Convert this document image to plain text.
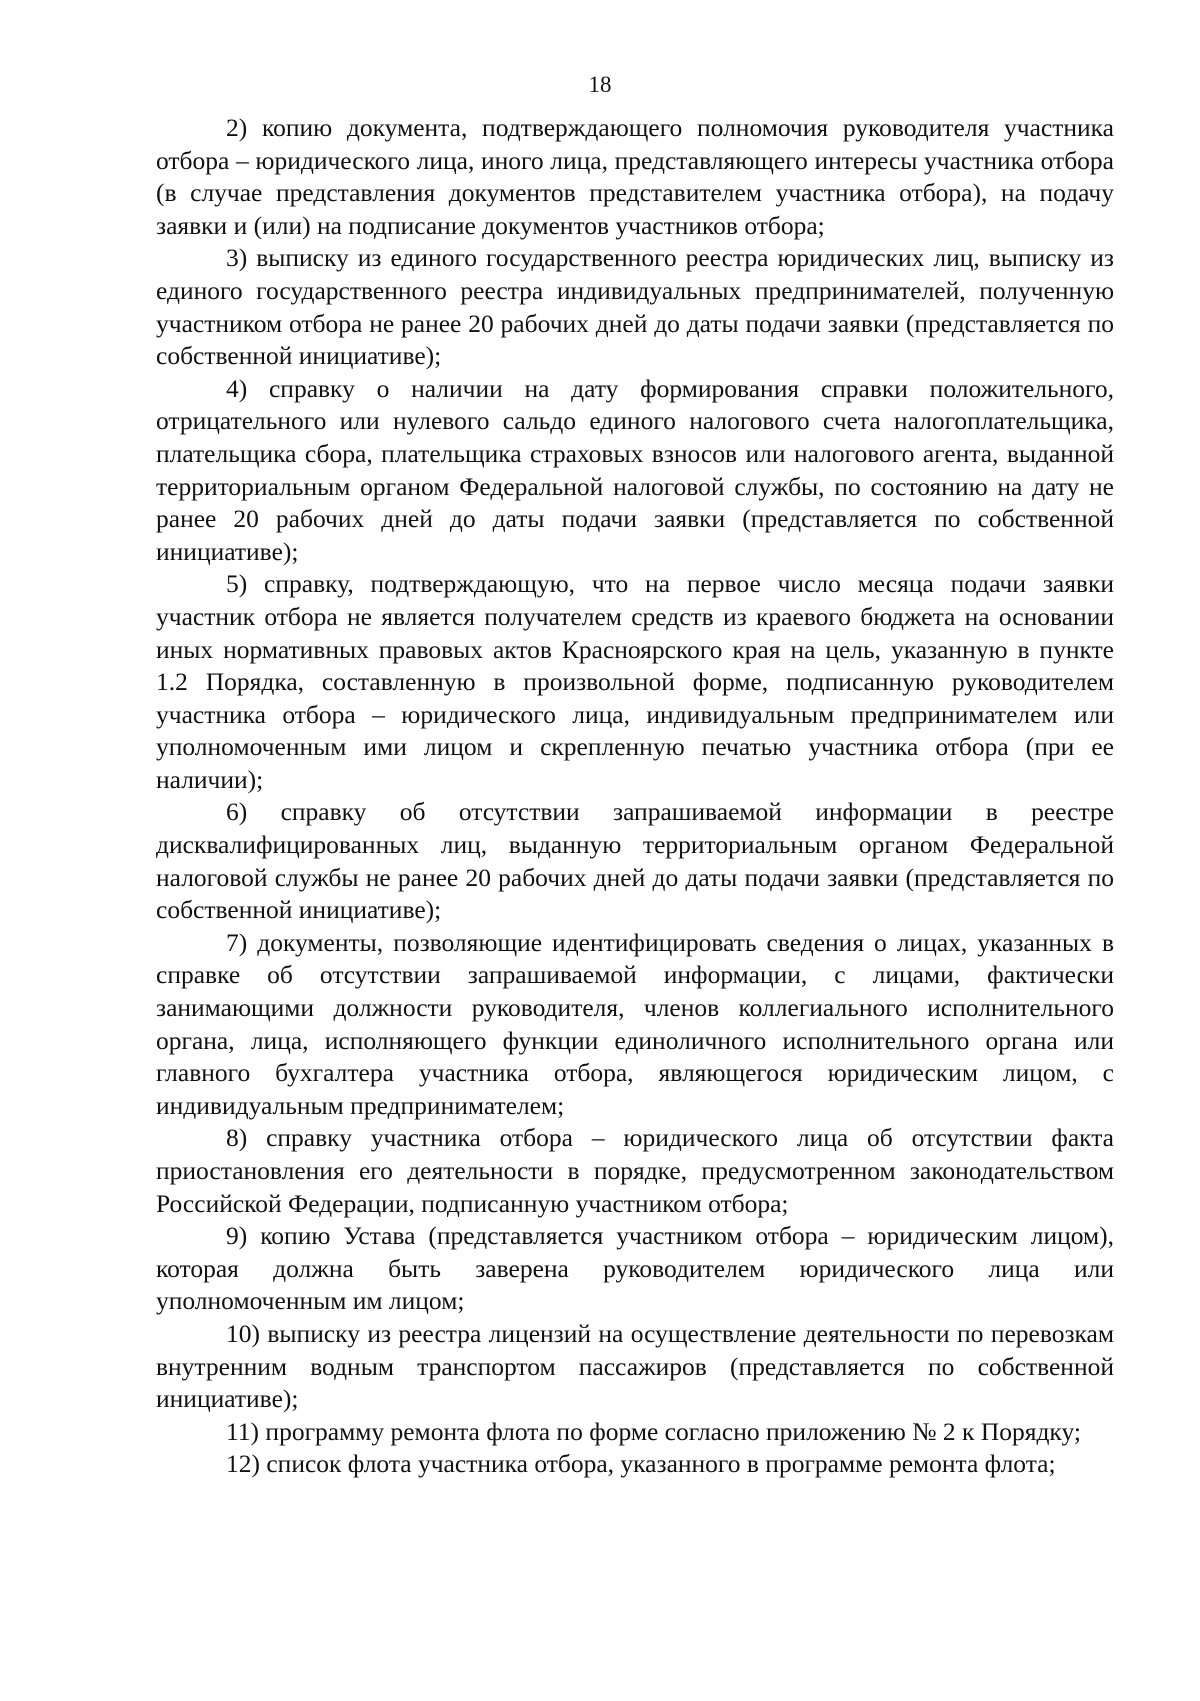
18

2) копию документа, подтверждающего полномочия руководителя участника отбора – юридического лица, иного лица, представляющего интересы участника отбора (в случае представления документов представителем участника отбора), на подачу заявки и (или) на подписание документов участников отбора;

3) выписку из единого государственного реестра юридических лиц, выписку из единого государственного реестра индивидуальных предпринимателей, полученную участником отбора не ранее 20 рабочих дней до даты подачи заявки (представляется по собственной инициативе);

4) справку о наличии на дату формирования справки положительного, отрицательного или нулевого сальдо единого налогового счета налогоплательщика, плательщика сбора, плательщика страховых взносов или налогового агента, выданной территориальным органом Федеральной налоговой службы, по состоянию на дату не ранее 20 рабочих дней до даты подачи заявки (представляется по собственной инициативе);

5) справку, подтверждающую, что на первое число месяца подачи заявки участник отбора не является получателем средств из краевого бюджета на основании иных нормативных правовых актов Красноярского края на цель, указанную в пункте 1.2 Порядка, составленную в произвольной форме, подписанную руководителем участника отбора – юридического лица, индивидуальным предпринимателем или уполномоченным ими лицом и скрепленную печатью участника отбора (при ее наличии);

6) справку об отсутствии запрашиваемой информации в реестре дисквалифицированных лиц, выданную территориальным органом Федеральной налоговой службы не ранее 20 рабочих дней до даты подачи заявки (представляется по собственной инициативе);

7) документы, позволяющие идентифицировать сведения о лицах, указанных в справке об отсутствии запрашиваемой информации, с лицами, фактически занимающими должности руководителя, членов коллегиального исполнительного органа, лица, исполняющего функции единоличного исполнительного органа или главного бухгалтера участника отбора, являющегося юридическим лицом, с индивидуальным предпринимателем;

8) справку участника отбора – юридического лица об отсутствии факта приостановления его деятельности в порядке, предусмотренном законодательством Российской Федерации, подписанную участником отбора;

9) копию Устава (представляется участником отбора – юридическим лицом), которая должна быть заверена руководителем юридического лица или уполномоченным им лицом;

10) выписку из реестра лицензий на осуществление деятельности по перевозкам внутренним водным транспортом пассажиров (представляется по собственной инициативе);

11) программу ремонта флота по форме согласно приложению № 2 к Порядку;

12) список флота участника отбора, указанного в программе ремонта флота;
